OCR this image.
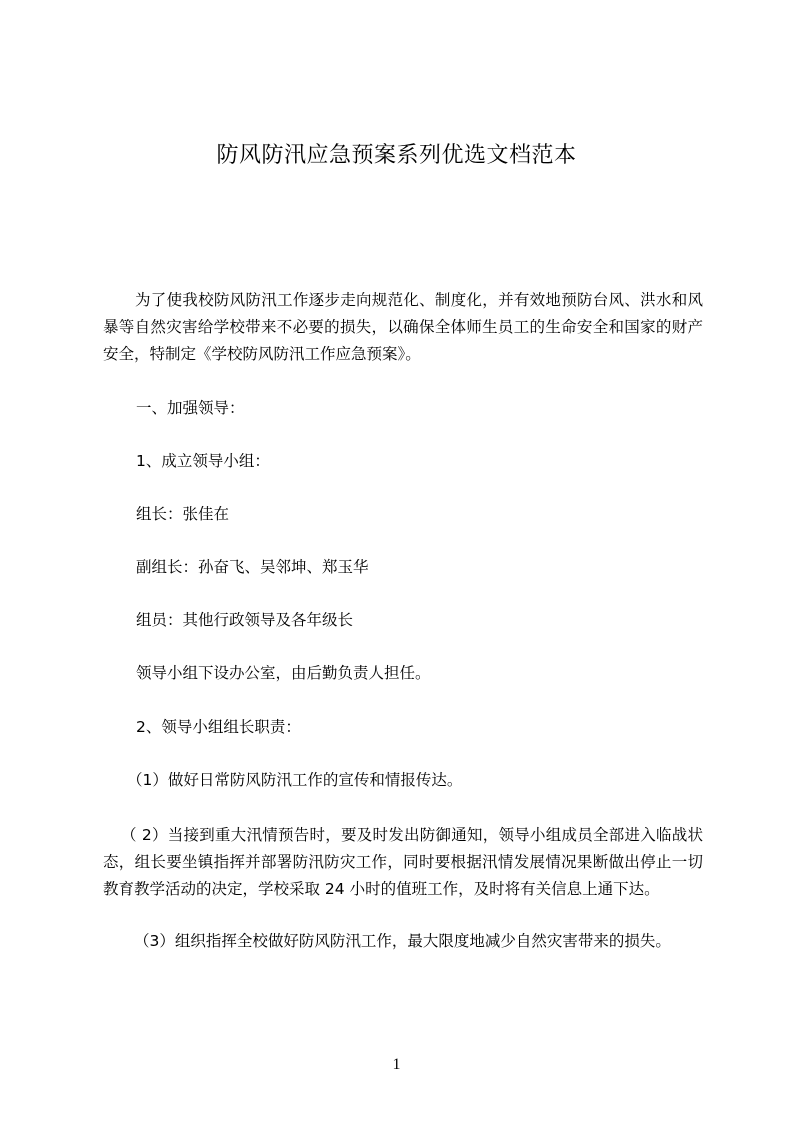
防风防汛应急预案系列优选文档范本
为了使我校防风防汛工作逐步走向规范化、制度化，并有效地预防台风、洪水和风暴等自然灾害给学校带来不必要的损失，以确保全体师生员工的生命安全和国家的财产安全，特制定《学校防风防汛工作应急预案》。
一、加强领导：
1、成立领导小组：
组长：张佳在
副组长：孙奋飞、吴邻坤、郑玉华
组员：其他行政领导及各年级长
领导小组下设办公室，由后勤负责人担任。
2、领导小组组长职责：
（1）做好日常防风防汛工作的宣传和情报传达。
（ 2）当接到重大汛情预告时，要及时发出防御通知，领导小组成员全部进入临战状态，组长要坐镇指挥并部署防汛防灾工作，同时要根据汛情发展情况果断做出停止一切教育教学活动的决定，学校采取 24 小时的值班工作，及时将有关信息上通下达。
（3）组织指挥全校做好防风防汛工作，最大限度地减少自然灾害带来的损失。
1
